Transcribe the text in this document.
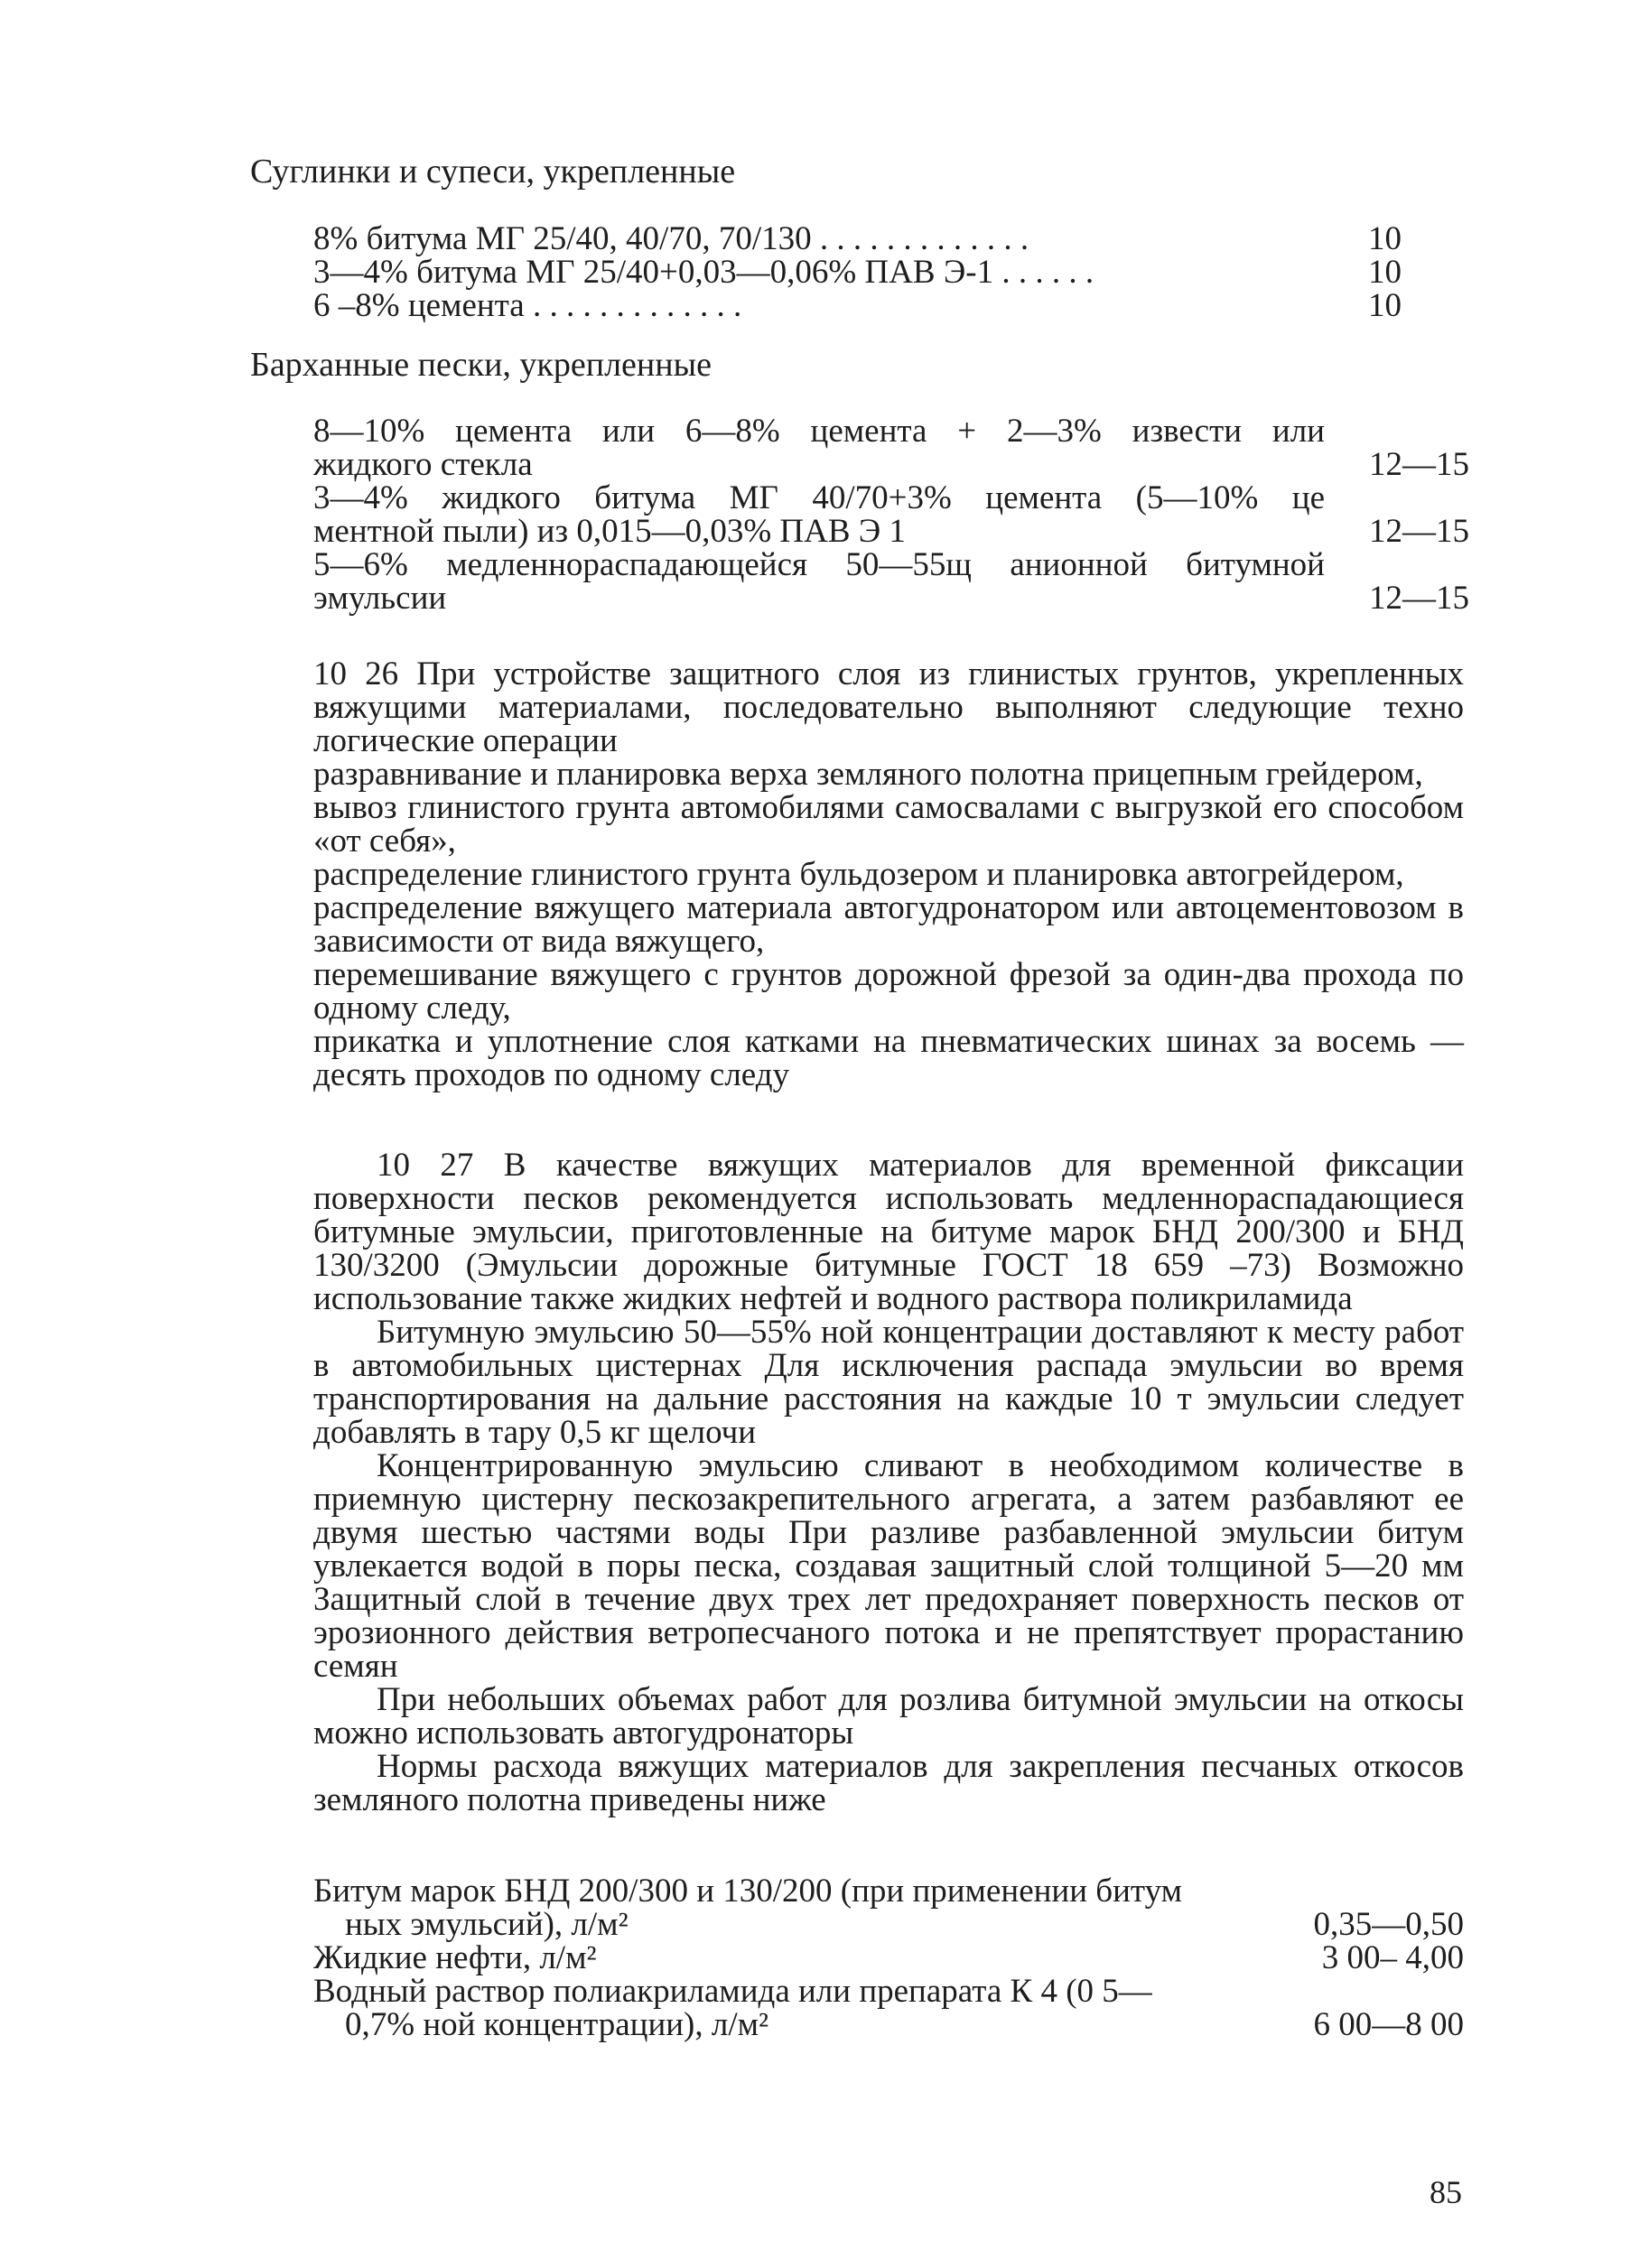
Суглинки и супеси, укрепленные
8% битума МГ 25/40, 40/70, 70/130 . . . . . . . . . . . . .	10
3—4% битума МГ 25/40+0,03—0,06% ПАВ Э-1 . . . . . .	10
6 –8% цемента . . . . . . . . . . . . .	10
Барханные пески, укрепленные
8—10% цемента или 6—8% цемента + 2—3% извести или
жидкого стекла	12—15
3—4% жидкого битума МГ 40/70+3% цемента (5—10% це
ментной пыли) из 0,015—0,03% ПАВ Э 1	12—15
5—6% медленнораспадающейся 50—55щ анионной битумной
эмульсии	12—15

10 26 При устройстве защитного слоя из глинистых грунтов, укрепленных вяжущими материалами, последовательно выполняют следующие техно логические операции

разравнивание и планировка верха земляного полотна прицепным грейдером,

вывоз глинистого грунта автомобилями самосвалами с выгрузкой его способом «от себя»,

распределение глинистого грунта бульдозером и планировка автогрейдером,

распределение вяжущего материала автогудронатором или автоцементовозом в зависимости от вида вяжущего,

перемешивание вяжущего с грунтов дорожной фрезой за один-два прохода по одному следу,

прикатка и уплотнение слоя катками на пневматических шинах за восемь — десять проходов по одному следу

10 27 В качестве вяжущих материалов для временной фиксации поверхности песков рекомендуется использовать медленнораспадающиеся битумные эмульсии, приготовленные на битуме марок БНД 200/300 и БНД 130/3200 (Эмульсии дорожные битумные ГОСТ 18 659 –73) Возможно использование также жидких нефтей и водного раствора поликриламида

Битумную эмульсию 50—55% ной концентрации доставляют к месту работ в автомобильных цистернах Для исключения распада эмульсии во время транспортирования на дальние расстояния на каждые 10 т эмульсии следует добавлять в тару 0,5 кг щелочи

Концентрированную эмульсию сливают в необходимом количестве в приемную цистерну пескозакрепительного агрегата, а затем разбавляют ее двумя шестью частями воды При разливе разбавленной эмульсии битум увлекается водой в поры песка, создавая защитный слой толщиной 5—20 мм Защитный слой в течение двух трех лет предохраняет поверхность песков от эрозионного действия ветропесчаного потока и не препятствует прорастанию семян

При небольших объемах работ для розлива битумной эмульсии на откосы можно использовать автогудронаторы

Нормы расхода вяжущих материалов для закрепления песчаных откосов земляного полотна приведены ниже

Битум марок БНД 200/300 и 130/200 (при применении битум
ных эмульсий), л/м²	0,35—0,50
Жидкие нефти, л/м²	3 00– 4,00
Водный раствор полиакриламида или препарата К 4 (0 5—
0,7% ной концентрации), л/м²	6 00—8 00
85
